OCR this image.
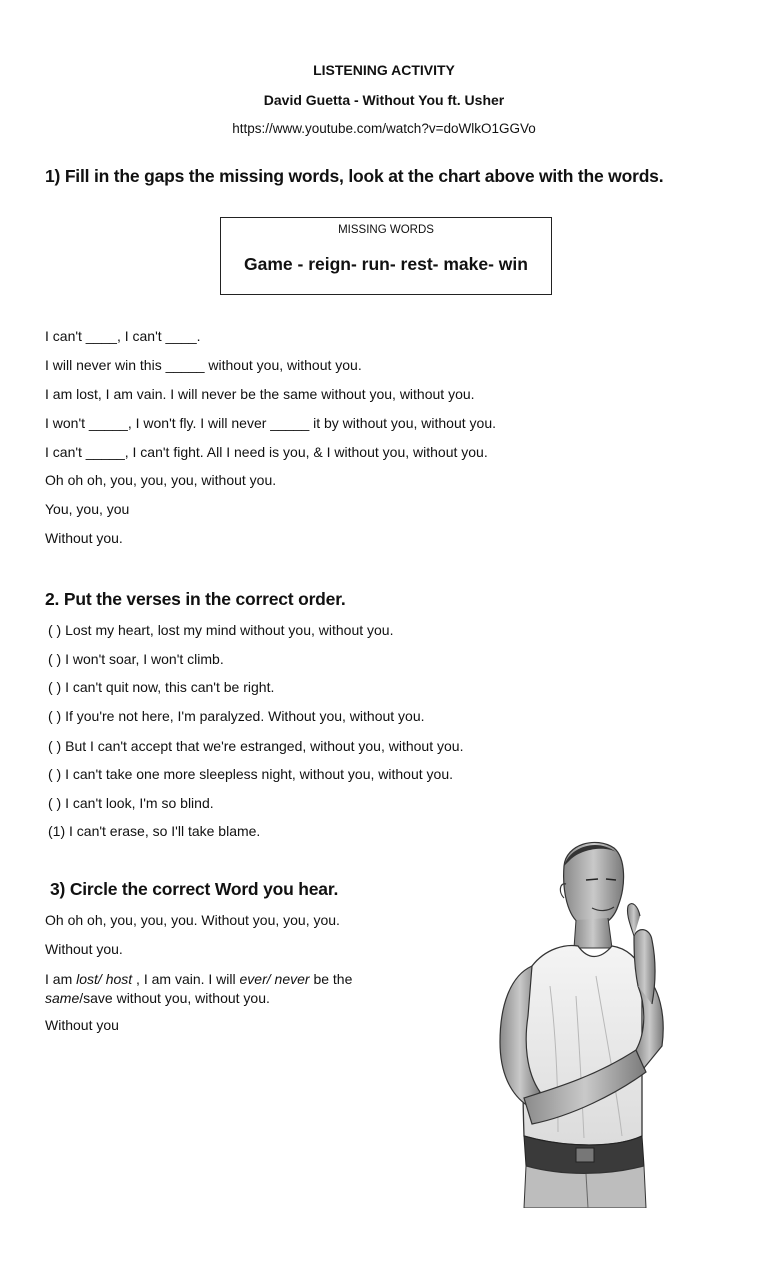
LISTENING ACTIVITY
David Guetta - Without You ft. Usher
https://www.youtube.com/watch?v=doWlkO1GGVo
1) Fill in the gaps the missing words, look at the chart above with the words.
MISSING WORDS
Game - reign- run- rest- make- win
I can't ____, I can't ____.
I will never win this _____ without you, without you.
I am lost, I am vain. I will never be the same without you, without you.
I won't _____, I won't fly. I will never _____ it by without you, without you.
I can't _____, I can't fight. All I need is you, & I without you, without you.
Oh oh oh, you, you, you, without you.
You, you, you
Without you.
2. Put the verses in the correct order.
( ) Lost my heart, lost my mind without you, without you.
( ) I won't soar, I won't climb.
( ) I can't quit now, this can't be right.
( ) If you're not here, I'm paralyzed. Without you, without you.
( ) But I can't accept that we're estranged, without you, without you.
( ) I can't take one more sleepless night, without you, without you.
( ) I can't look, I'm so blind.
(1) I can't erase, so I'll take blame.
3) Circle the correct Word you hear.
Oh oh oh, you, you, you. Without you, you, you.
Without you.
I am lost/ host , I am vain. I will ever/ never be the
same/save without you, without you.
Without you
